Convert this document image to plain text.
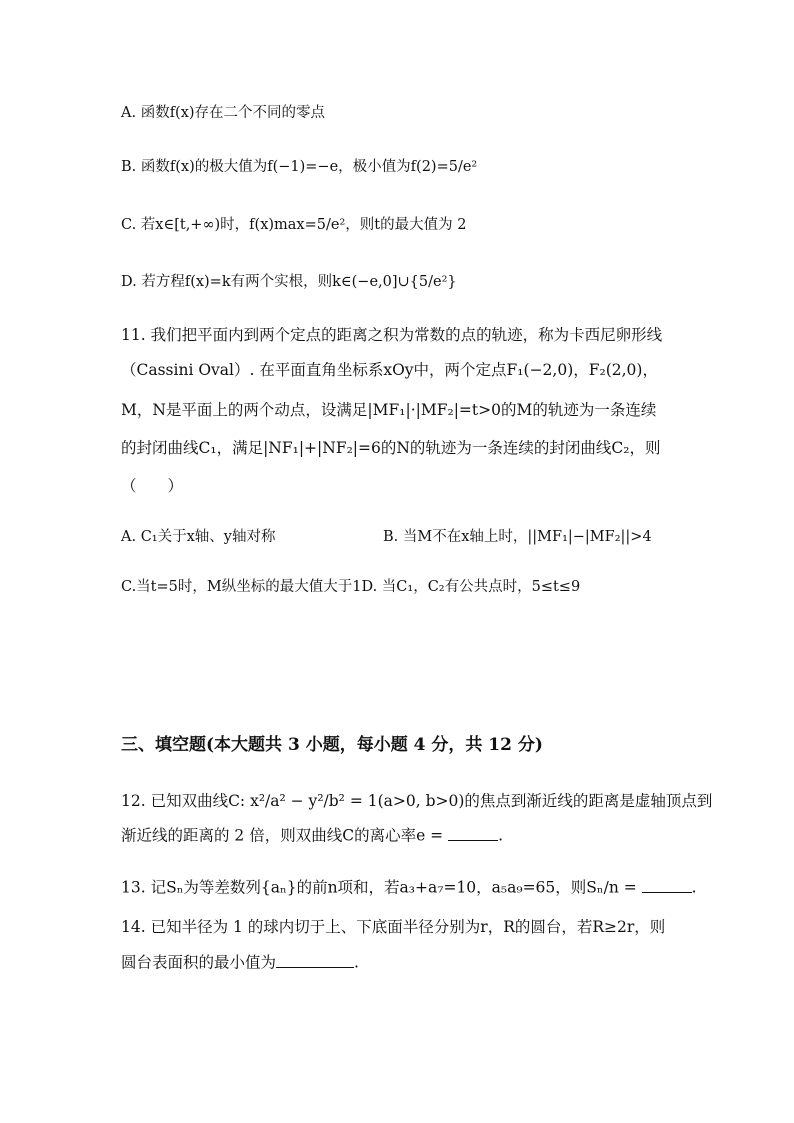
A. 函数f(x)存在二个不同的零点
B. 函数f(x)的极大值为f(−1)=−e，极小值为f(2)=5/e²
C. 若x∈[t,+∞)时，f(x)max=5/e²，则t的最大值为 2
D. 若方程f(x)=k有两个实根，则k∈(−e,0]∪{5/e²}
11. 我们把平面内到两个定点的距离之积为常数的点的轨迹，称为卡西尼卵形线
（Cassini Oval）. 在平面直角坐标系xOy中，两个定点F₁(−2,0)，F₂(2,0)，
M，N是平面上的两个动点，设满足|MF₁|·|MF₂|=t>0的M的轨迹为一条连续
的封闭曲线C₁，满足|NF₁|+|NF₂|=6的N的轨迹为一条连续的封闭曲线C₂，则
（　　）
A. C₁关于x轴、y轴对称	B. 当M不在x轴上时，||MF₁|−|MF₂||>4
C.当t=5时，M纵坐标的最大值大于1D. 当C₁，C₂有公共点时，5≤t≤9
三、填空题(本大题共 3 小题，每小题 4 分，共 12 分)
12. 已知双曲线C: x²/a² − y²/b² = 1(a>0, b>0)的焦点到渐近线的距离是虚轴顶点到
渐近线的距离的 2 倍，则双曲线C的离心率e =	.
13. 记Sₙ为等差数列{aₙ}的前n项和，若a₃+a₇=10，a₅a₉=65，则Sₙ/n =	.
14. 已知半径为 1 的球内切于上、下底面半径分别为r，R的圆台，若R≥2r，则
圆台表面积的最小值为	.
